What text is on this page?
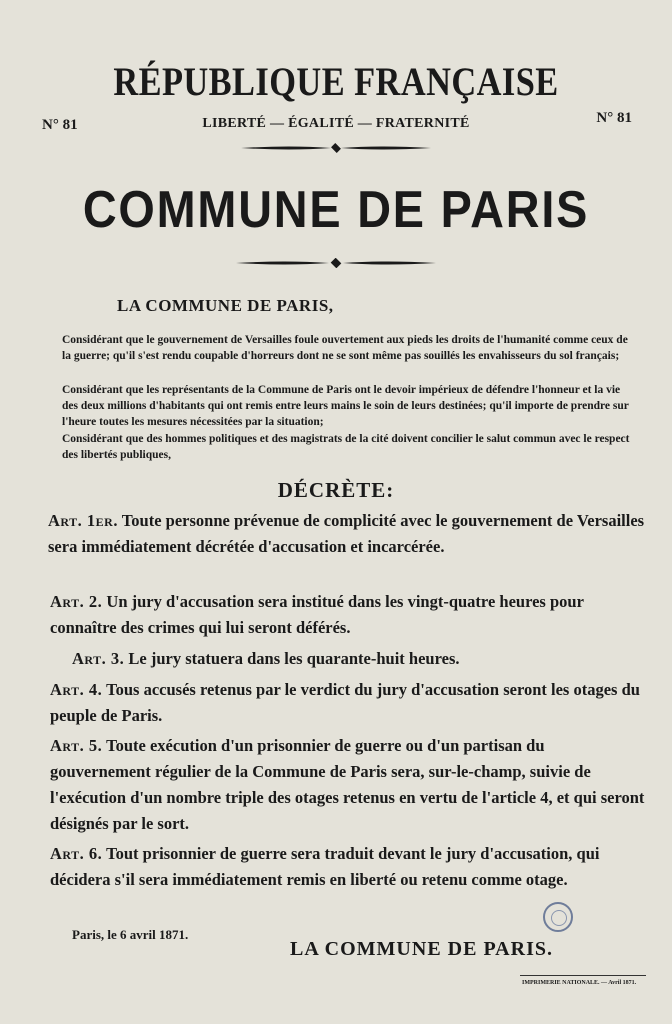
N° 81	N° 81
RÉPUBLIQUE FRANÇAISE
LIBERTÉ — ÉGALITÉ — FRATERNITÉ
COMMUNE DE PARIS
LA COMMUNE DE PARIS,

Considérant que le gouvernement de Versailles foule ouvertement aux pieds les droits de l'humanité comme ceux de la guerre; qu'il s'est rendu coupable d'horreurs dont ne se sont même pas souillés les envahisseurs du sol français;

Considérant que les représentants de la Commune de Paris ont le devoir impérieux de défendre l'honneur et la vie des deux millions d'habitants qui ont remis entre leurs mains le soin de leurs destinées; qu'il importe de prendre sur l'heure toutes les mesures nécessitées par la situation;

Considérant que des hommes politiques et des magistrats de la cité doivent concilier le salut commun avec le respect des libertés publiques,

DÉCRÈTE:

Art. 1er. Toute personne prévenue de complicité avec le gouvernement de Versailles sera immédiatement décrétée d'accusation et incarcérée.

Art. 2. Un jury d'accusation sera institué dans les vingt-quatre heures pour connaître des crimes qui lui seront déférés.

Art. 3. Le jury statuera dans les quarante-huit heures.

Art. 4. Tous accusés retenus par le verdict du jury d'accusation seront les otages du peuple de Paris.

Art. 5. Toute exécution d'un prisonnier de guerre ou d'un partisan du gouvernement régulier de la Commune de Paris sera, sur-le-champ, suivie de l'exécution d'un nombre triple des otages retenus en vertu de l'article 4, et qui seront désignés par le sort.

Art. 6. Tout prisonnier de guerre sera traduit devant le jury d'accusation, qui décidera s'il sera immédiatement remis en liberté ou retenu comme otage.

Paris, le 6 avril 1871.
LA COMMUNE DE PARIS.
IMPRIMERIE NATIONALE. — Avril 1871.
